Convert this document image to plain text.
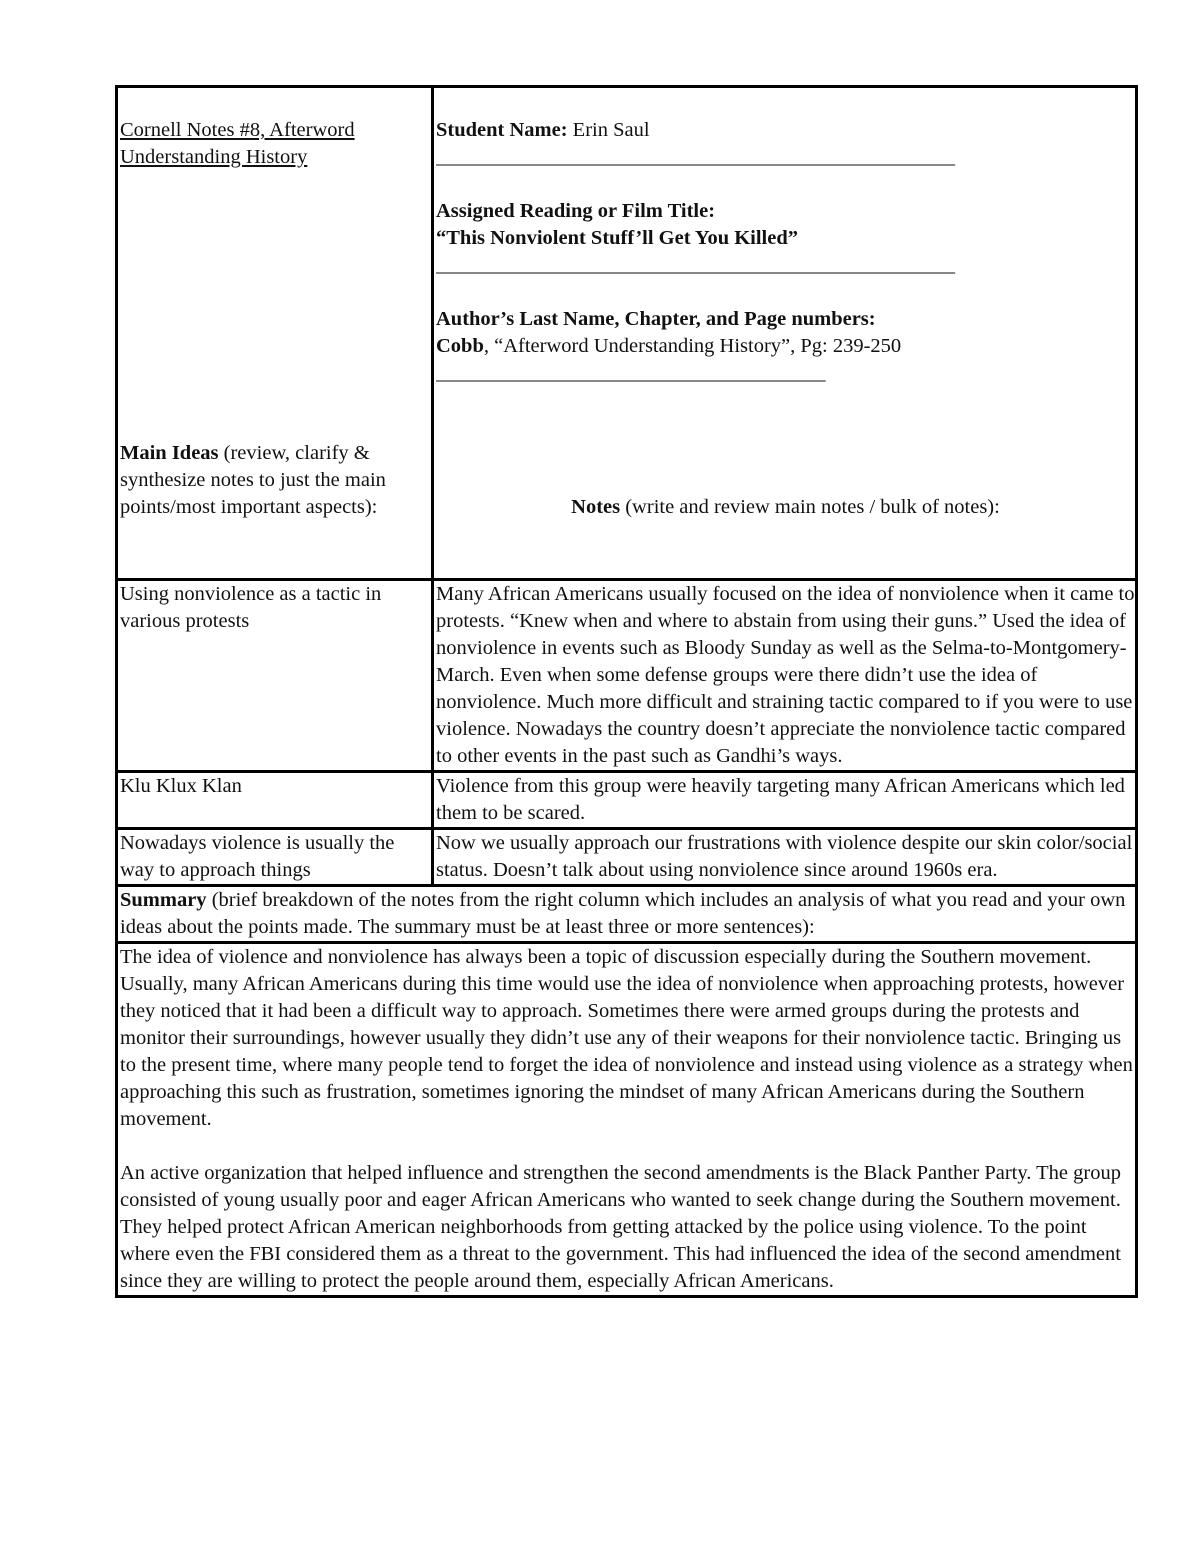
Cornell Notes #8, Afterword
Understanding History
Main Ideas (review, clarify & synthesize notes to just the main points/most important aspects):
Student Name: Erin Saul
________________________________________________________
Assigned Reading or Film Title:
“This Nonviolent Stuff’ll Get You Killed”
________________________________________________________
Author’s Last Name, Chapter, and Page numbers:
Cobb, “Afterword Understanding History”, Pg: 239-250
__________________________________________
Notes (write and review main notes / bulk of notes):
Using nonviolence as a tactic in various protests
Many African Americans usually focused on the idea of nonviolence when it came to protests. “Knew when and where to abstain from using their guns.” Used the idea of nonviolence in events such as Bloody Sunday as well as the Selma-to-Montgomery-March. Even when some defense groups were there didn’t use the idea of nonviolence. Much more difficult and straining tactic compared to if you were to use violence. Nowadays the country doesn’t appreciate the nonviolence tactic compared to other events in the past such as Gandhi’s ways.
Klu Klux Klan	Violence from this group were heavily targeting many African Americans which led them to be scared.
Nowadays violence is usually the way to approach things
Now we usually approach our frustrations with violence despite our skin color/social status. Doesn’t talk about using nonviolence since around 1960s era.
Summary (brief breakdown of the notes from the right column which includes an analysis of what you read and your own ideas about the points made. The summary must be at least three or more sentences):

The idea of violence and nonviolence has always been a topic of discussion especially during the Southern movement. Usually, many African Americans during this time would use the idea of nonviolence when approaching protests, however they noticed that it had been a difficult way to approach. Sometimes there were armed groups during the protests and monitor their surroundings, however usually they didn’t use any of their weapons for their nonviolence tactic. Bringing us to the present time, where many people tend to forget the idea of nonviolence and instead using violence as a strategy when approaching this such as frustration, sometimes ignoring the mindset of many African Americans during the Southern movement.

An active organization that helped influence and strengthen the second amendments is the Black Panther Party. The group consisted of young usually poor and eager African Americans who wanted to seek change during the Southern movement. They helped protect African American neighborhoods from getting attacked by the police using violence. To the point where even the FBI considered them as a threat to the government. This had influenced the idea of the second amendment since they are willing to protect the people around them, especially African Americans.
